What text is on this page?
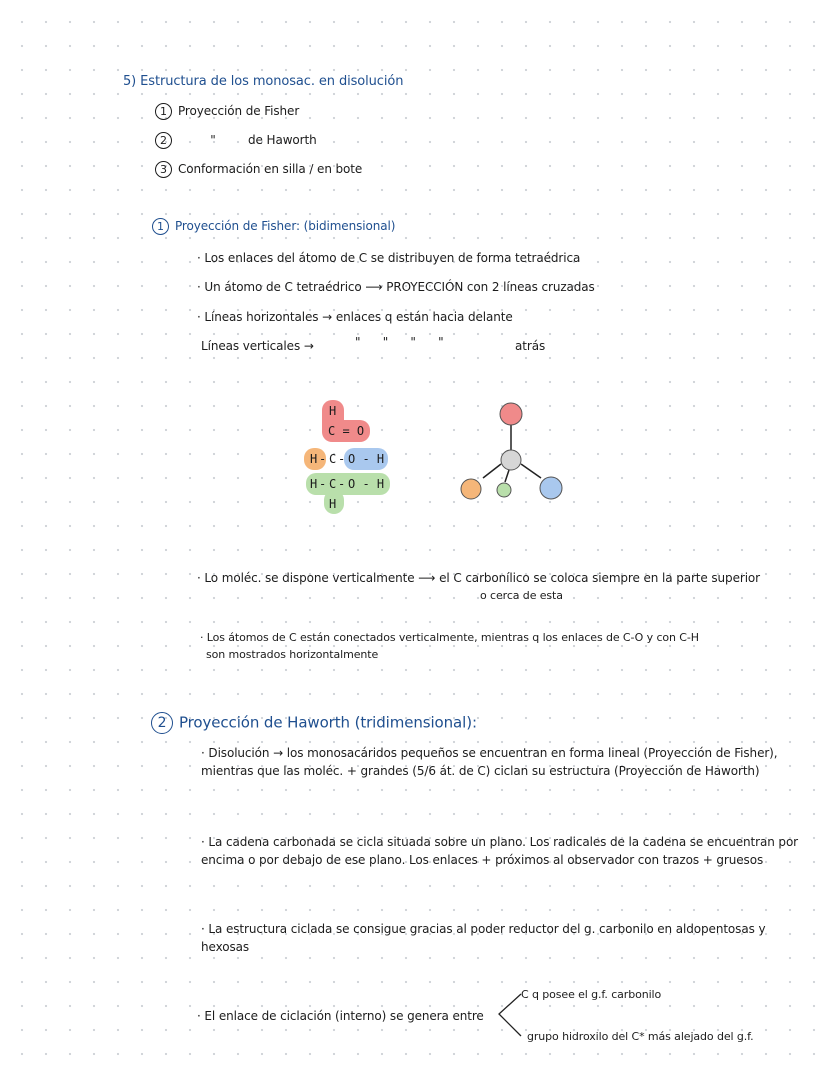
5) Estructura de los monosac. en disolución
1 Proyección de Fisher
2	"	de Haworth
3 Conformación en silla / en bote
1 Proyección de Fisher: (bidimensional)
· Los enlaces del átomo de C se distribuyen de forma tetraédrica
· Un átomo de C tetraédrico ⟶ PROYECCIÓN con 2 líneas cruzadas
· Líneas horizontales → enlaces q están hacia delante
Líneas verticales →	"      "      "      "	atrás
H
C = O
H - C - O - H
H - C - O - H
H
· Lo moléc. se dispone verticalmente ⟶ el C carbonílico se coloca siempre en la parte superior
o cerca de esta
· Los átomos de C están conectados verticalmente, mientras q los enlaces de C-O y con C-H
son mostrados horizontalmente
2 Proyección de Haworth (tridimensional):
· Disolución → los monosacáridos pequeños se encuentran en forma lineal (Proyección de Fisher), mientras que las moléc. + grandes (5/6 át. de C) ciclan su estructura (Proyección de Haworth)
· La cadena carbonada se cicla situada sobre un plano. Los radicales de la cadena se encuentran por encima o por debajo de ese plano. Los enlaces + próximos al observador con trazos + gruesos
· La estructura ciclada se consigue gracias al poder reductor del g. carbonilo en aldopentosas y hexosas
· El enlace de ciclación (interno) se genera entre
C q posee el g.f. carbonilo
grupo hidroxilo del C* más alejado del g.f.
